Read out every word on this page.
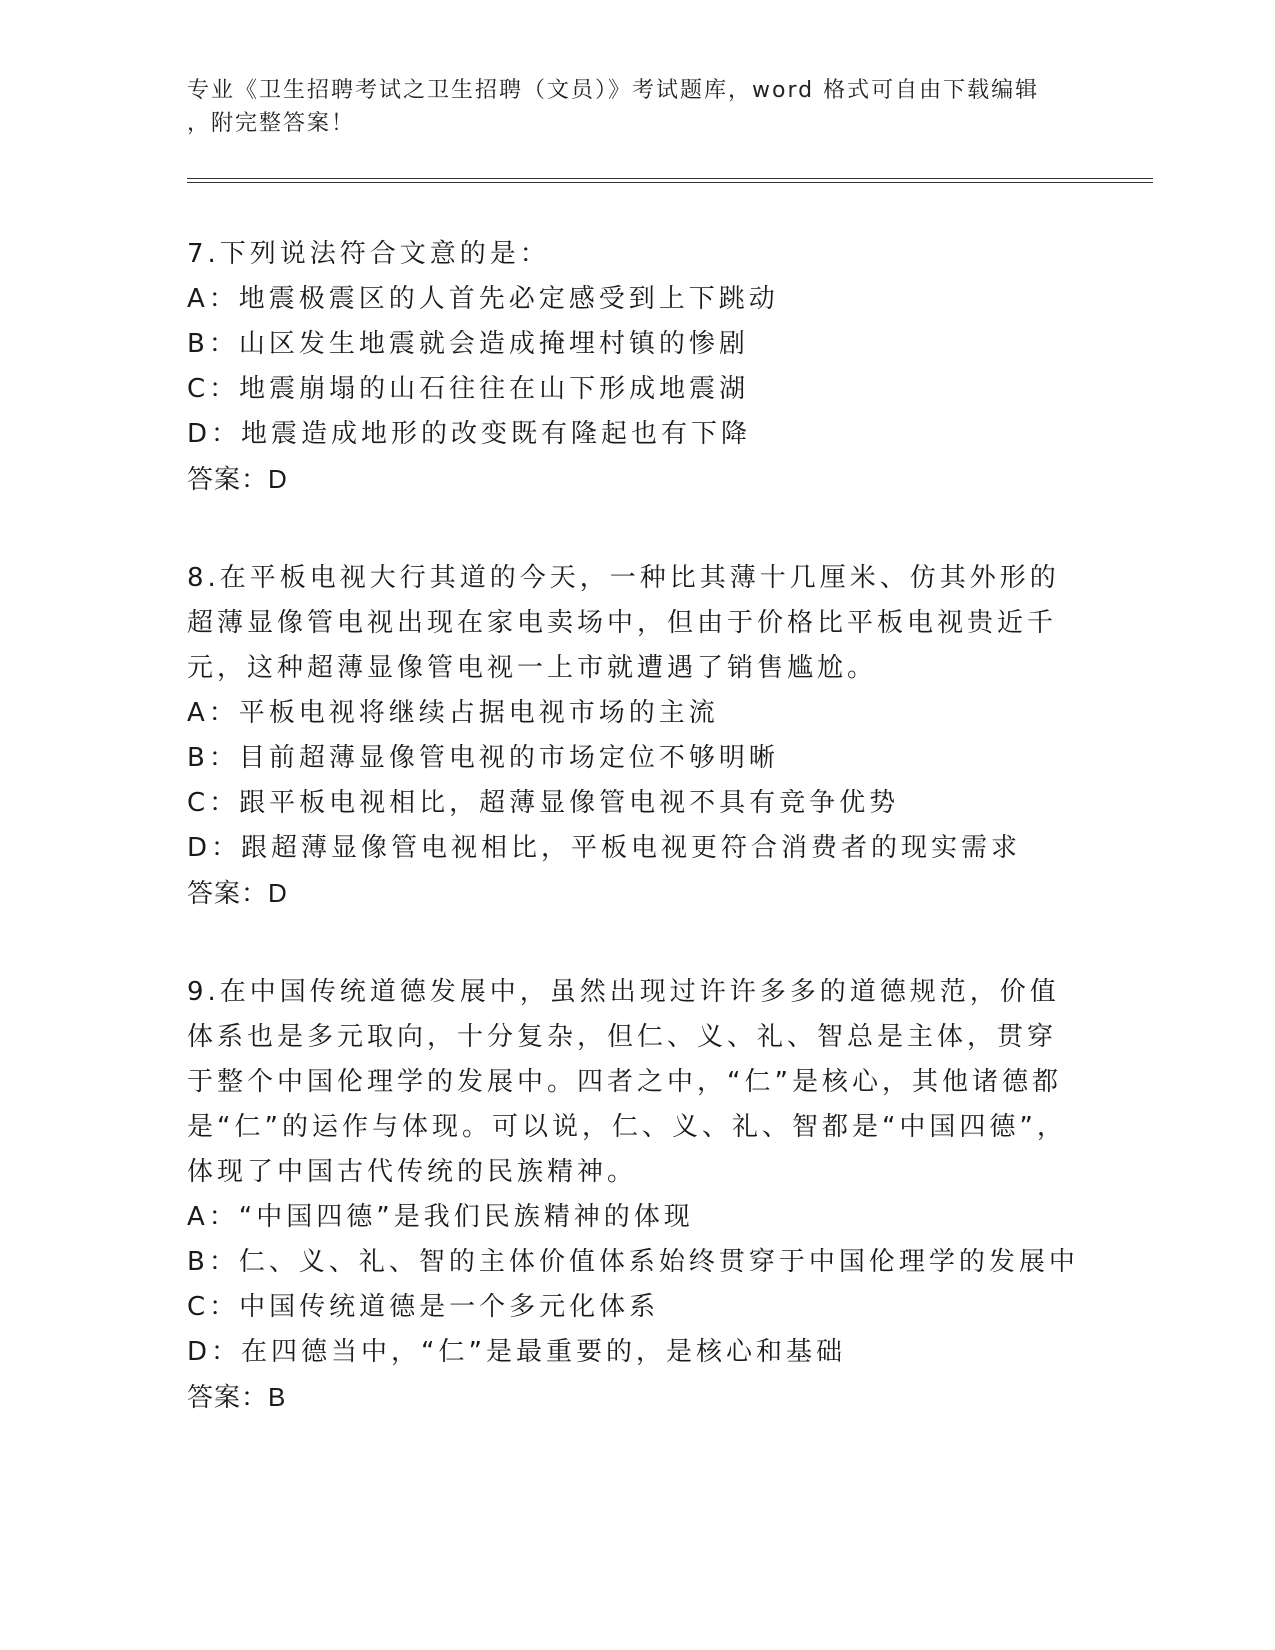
专业《卫生招聘考试之卫生招聘（文员）》考试题库，word 格式可自由下载编辑
，附完整答案！

7.下列说法符合文意的是：

A：地震极震区的人首先必定感受到上下跳动
B：山区发生地震就会造成掩埋村镇的惨剧
C：地震崩塌的山石往往在山下形成地震湖
D：地震造成地形的改变既有隆起也有下降
答案：D

8.在平板电视大行其道的今天，一种比其薄十几厘米、仿其外形的超薄显像管电视出现在家电卖场中，但由于价格比平板电视贵近千元，这种超薄显像管电视一上市就遭遇了销售尴尬。

A：平板电视将继续占据电视市场的主流
B：目前超薄显像管电视的市场定位不够明晰
C：跟平板电视相比，超薄显像管电视不具有竞争优势
D：跟超薄显像管电视相比，平板电视更符合消费者的现实需求
答案：D

9.在中国传统道德发展中，虽然出现过许许多多的道德规范，价值体系也是多元取向，十分复杂，但仁、义、礼、智总是主体，贯穿于整个中国伦理学的发展中。四者之中，“仁”是核心，其他诸德都是“仁”的运作与体现。可以说，仁、义、礼、智都是“中国四德”，体现了中国古代传统的民族精神。

A：“中国四德”是我们民族精神的体现
B：仁、义、礼、智的主体价值体系始终贯穿于中国伦理学的发展中
C：中国传统道德是一个多元化体系
D：在四德当中，“仁”是最重要的，是核心和基础
答案：B
